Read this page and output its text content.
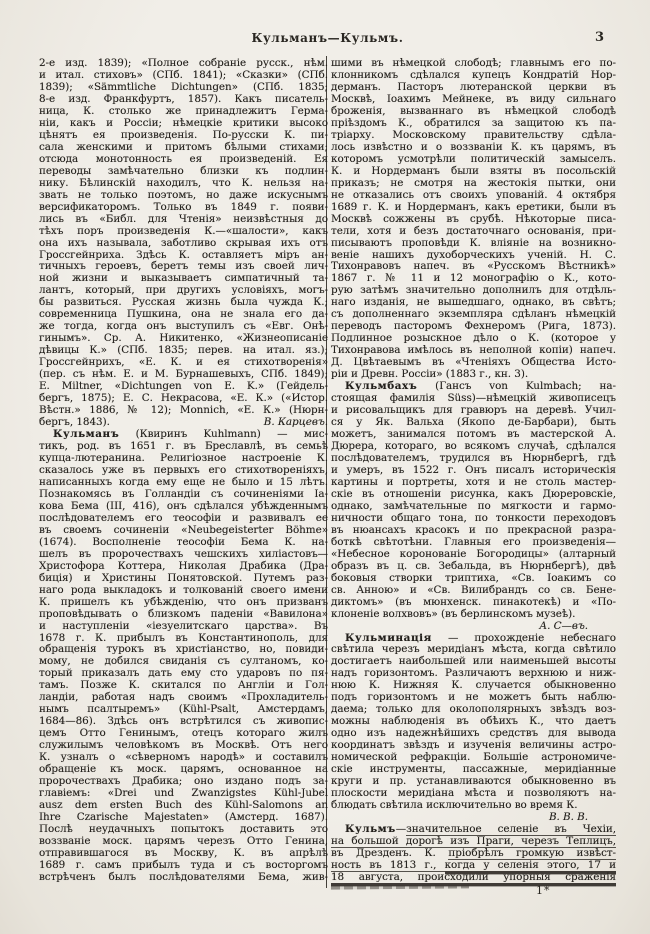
Кульманъ—Кульмъ.	3
2-е изд. 1839); «Полное собраніе русск., нѣм.
и итал. стиховъ» (СПб. 1841); «Сказки» (СПб.
1839); «Sämmtliche Dichtungen» (СПб. 1835;
8-е изд. Франкфуртъ, 1857). Какъ писатель-
ница, К. столько же принадлежитъ Герма-
ніи, какъ и Россіи; нѣмецкіе критики высоко
цѣнятъ ея произведенія. По-русски К. пи-
сала женскими и притомъ бѣлыми стихами;
отсюда монотонность ея произведеній. Ея
переводы замѣчательно близки къ подлин-
нику. Бѣлинскій находилъ, что К. нельзя на-
звать не только поэтомъ, но даже искуснымъ
версификаторомъ. Только въ 1849 г. появи-
лись въ «Библ. для Чтенія» неизвѣстныя до
тѣхъ поръ произведенія К.—«шалости», какъ
она ихъ называла, заботливо скрывая ихъ отъ
Гроссгейнриха. Здѣсь К. оставляетъ міръ ан-
тичныхъ героевъ, беретъ темы изъ своей лич-
ной жизни и выказываетъ симпатичный та-
лантъ, который, при другихъ условіяхъ, могъ-
бы развиться. Русская жизнь была чужда К.;
современница Пушкина, она не знала его да-
же тогда, когда онъ выступилъ съ «Евг. Онѣ-
гинымъ». Ср. А. Никитенко, «Жизнеописаніе
дѣвицы К.» (СПб. 1835; перев. на итал. яз.);
Гроссгейнрихъ, «Е. К. и ея стихотворенія»
(пер. съ нѣм. Е. и М. Бурнашевыхъ, СПб. 1849);
E. Miltner, «Dichtungen von E. K.» (Гейдель-
бергъ, 1875); Е. С. Некрасова, «Е. К.» («Истор.
Вѣстн.» 1886, № 12); Monnich, «Е. К.» (Нюрн-
бергъ, 1843).	В. Карцевъ.
Кульманъ (Квиринъ Kuhlmann) — мис-
тикъ, род. въ 1651 г. въ Бреславлѣ, въ семьѣ
купца-лютеранина. Религіозное настроеніе К.
сказалось уже въ первыхъ его стихотвореніяхъ,
написанныхъ когда ему еще не было и 15 лѣтъ.
Познакомясь въ Голландіи съ сочиненіями Іа-
кова Бема (III, 416), онъ сдѣлался убѣжденнымъ
послѣдователемъ его теософіи и развивалъ ее
въ своемъ сочиненіи «Neubegeisterter Böhme»
(1674). Восполненіе теософіи Бема К. на-
шелъ въ пророчествахъ чешскихъ хиліастовъ—
Христофора Коттера, Николая Драбика (Дра-
биція) и Христины Понятовской. Путемъ раз-
наго рода выкладокъ и толкованій своего имени
К. пришелъ къ убѣжденію, что онъ призванъ
проповѣдывать о близкомъ паденіи «Вавилона»
и наступленіи «іезуелитскаго царства». Въ
1678 г. К. прибылъ въ Константинополь, для
обращенія турокъ въ христіанство, но, повиди-
мому, не добился свиданія съ султаномъ, ко-
торый приказалъ дать ему сто ударовъ по пя-
тамъ. Позже К. скитался по Англіи и Гол-
ландіи, работая надъ своимъ «Прохладитель-
нымъ псалтыремъ» (Kühl-Psalt, Амстердамъ,
1684—86). Здѣсь онъ встрѣтился съ живопис-
цемъ Отто Генинымъ, отецъ котораго жилъ
служилымъ человѣкомъ въ Москвѣ. Отъ него
К. узналъ о «сѣверномъ народѣ» и составилъ
обращеніе къ моск. царямъ, основанное на
пророчествахъ Драбика; оно издано подъ за-
главіемъ: «Drei und Zwanzigstes Kühl-Jubel
ausz dem ersten Buch des Kühl-Salomons an
Ihre Czarische Majestaten» (Амстерд. 1687).
Послѣ неудачныхъ попытокъ доставить это
воззваніе моск. царямъ черезъ Отто Генина,
отправившагося въ Москву, К. въ апрѣлѣ
1689 г. самъ прибылъ туда и съ восторгомъ
встрѣченъ былъ послѣдователями Бема, жив-
шими въ нѣмецкой слободѣ; главнымъ его по-
клонникомъ сдѣлался купецъ Кондратій Нор-
дерманъ. Пасторъ лютеранской церкви въ
Москвѣ, Іоахимъ Мейнеке, въ виду сильнаго
броженія, вызваннаго въ нѣмецкой слободѣ
пріѣздомъ К., обратился за защитою къ па-
тріарху. Московскому правительству сдѣла-
лось извѣстно и о воззваніи К. къ царямъ, въ
которомъ усмотрѣли политическій замыселъ.
К. и Нордерманъ были взяты въ посольскій
приказъ; не смотря на жестокія пытки, они
не отказались отъ своихъ упованій. 4 октября
1689 г. К. и Нордерманъ, какъ еретики, были въ
Москвѣ сожжены въ срубѣ. Нѣкоторые писа-
тели, хотя и безъ достаточнаго основанія, при-
писываютъ проповѣди К. вліяніе на возникно-
веніе нашихъ духоборческихъ ученій. Н. С.
Тихонравовъ напеч. въ «Русскомъ Вѣстникѣ»
1867 г. № 11 и 12 монографію о К., кото-
рую затѣмъ значительно дополнилъ для отдѣль-
наго изданія, не вышедшаго, однако, въ свѣтъ;
съ дополненнаго экземпляра сдѣланъ нѣмецкій
переводъ пасторомъ Фехнеромъ (Рига, 1873).
Подлинное розыскное дѣло о К. (которое у
Тихонравова имѣлось въ неполной копіи) напеч.
Д. Цвѣтаевымъ въ «Чтеніяхъ Общества Исто-
ріи и Древн. Россіи» (1883 г., кн. 3).
Кульмбахъ (Гансъ von Kulmbach; на-
стоящая фамилія Süss)—нѣмецкій живописецъ
и рисовальщикъ для гравюръ на деревѣ. Учил-
ся у Як. Вальха (Якопо де-Барбари), быть
можетъ, занимался потомъ въ мастерской А.
Дюрера, котораго, во всякомъ случаѣ, сдѣлался
послѣдователемъ, трудился въ Нюрнбергѣ, гдѣ
и умеръ, въ 1522 г. Онъ писалъ историческія
картины и портреты, хотя и не столь мастер-
скіе въ отношеніи рисунка, какъ Дюреровскіе,
однако, замѣчательные по мягкости и гармо-
ничности общаго тона, по тонкости переходовъ
въ нюансахъ красокъ и по прекрасной разра-
боткѣ свѣтотѣни. Главныя его произведенія—
«Небесное коронованіе Богородицы» (алтарный
образъ въ ц. св. Зебальда, въ Нюрнбергѣ), двѣ
боковыя створки триптиха, «Св. Іоакимъ со
св. Анною» и «Св. Вилибрандъ со св. Бене-
диктомъ» (въ мюнхенск. пинакотекѣ) и «По-
клоненіе волхвовъ» (въ берлинскомъ музеѣ).
А. С—въ.
Кульминація — прохожденіе небеснаго
свѣтила черезъ меридіанъ мѣста, когда свѣтило
достигаетъ наибольшей или наименьшей высоты
надъ горизонтомъ. Различаютъ верхнюю и ниж-
нюю К. Нижняя К. случается обыкновенно
подъ горизонтомъ и не можетъ быть наблю-
даема; только для околополярныхъ звѣздъ воз-
можны наблюденія въ обѣихъ К., что даетъ
одно изъ надежнѣйшихъ средствъ для вывода
координатъ звѣздъ и изученія величины астро-
номической рефракціи. Большіе астрономиче-
скіе инструменты, пассажные, меридіанные
круги и пр. устанавливаются обыкновенно въ
плоскости меридіана мѣста и позволяютъ на-
блюдать свѣтила исключительно во время К.
В. В. В.
Кульмъ—значительное селеніе въ Чехіи,
на большой дорогѣ изъ Праги, черезъ Теплицъ,
въ Дрезденъ. К. пріобрѣлъ громкую извѣст-
ность въ 1813 г., когда у селенія этого, 17 и
18 августа, происходили упорныя сраженія
1*
